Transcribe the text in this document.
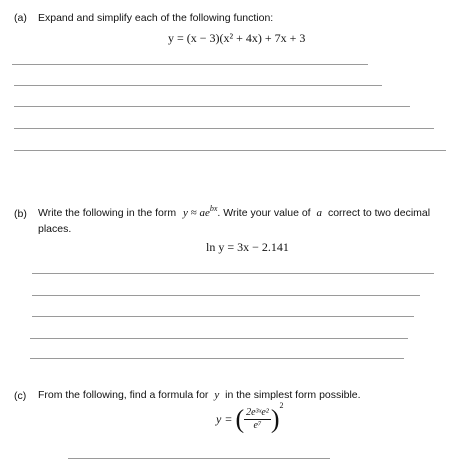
(a) Expand and simplify each of the following function:
y = (x − 3)(x² + 4x) + 7x + 3
(b) Write the following in the form $y \approx ae^{bx}$. Write your value of a correct to two decimal
places.
ln y = 3x − 2.141
(c) From the following, find a formula for y in the simplest form possible.
y = ( $\frac{\text{2e³ˣe²}}{\text{e⁷}} )^2$
